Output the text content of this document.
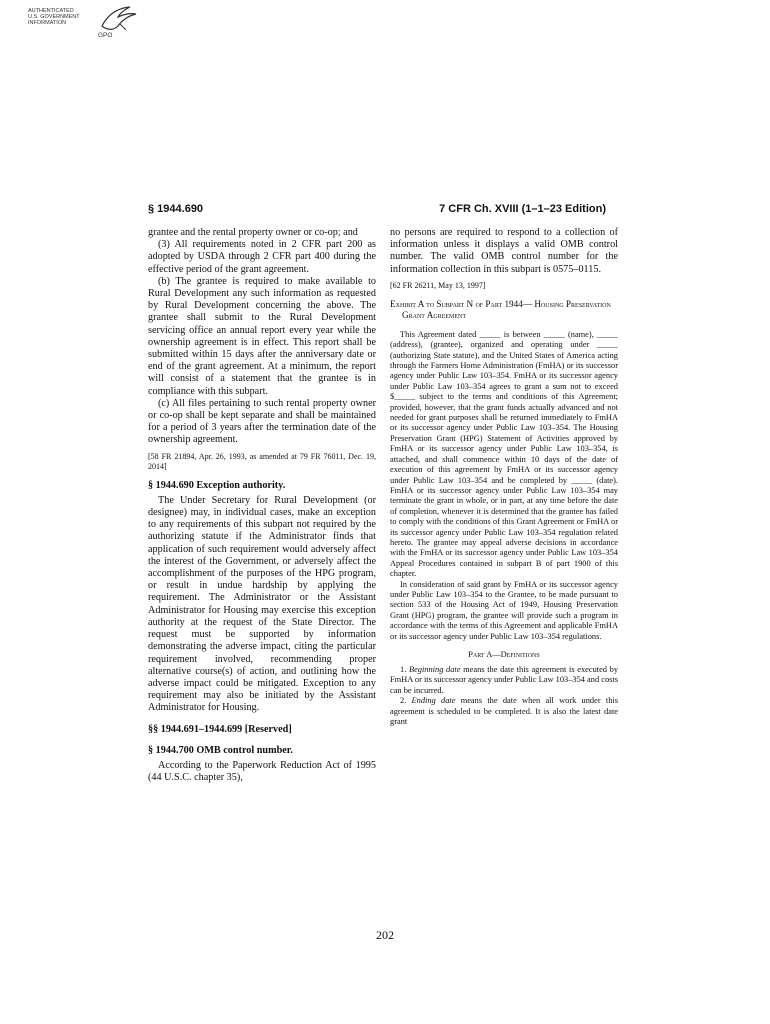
AUTHENTICATED
U.S. GOVERNMENT
INFORMATION
GPO
§ 1944.690	7 CFR Ch. XVIII (1–1–23 Edition)

grantee and the rental property owner or co-op; and

(3) All requirements noted in 2 CFR part 200 as adopted by USDA through 2 CFR part 400 during the effective period of the grant agreement.

(b) The grantee is required to make available to Rural Development any such information as requested by Rural Development concerning the above. The grantee shall submit to the Rural Development servicing office an annual report every year while the ownership agreement is in effect. This report shall be submitted within 15 days after the anniversary date or end of the grant agreement. At a minimum, the report will consist of a statement that the grantee is in compliance with this subpart.

(c) All files pertaining to such rental property owner or co-op shall be kept separate and shall be maintained for a period of 3 years after the termination date of the ownership agreement.

[58 FR 21894, Apr. 26, 1993, as amended at 79 FR 76011, Dec. 19, 2014]

§ 1944.690 Exception authority.

The Under Secretary for Rural Development (or designee) may, in individual cases, make an exception to any requirements of this subpart not required by the authorizing statute if the Administrator finds that application of such requirement would adversely affect the interest of the Government, or adversely affect the accomplishment of the purposes of the HPG program, or result in undue hardship by applying the requirement. The Administrator or the Assistant Administrator for Housing may exercise this exception authority at the request of the State Director. The request must be supported by information demonstrating the adverse impact, citing the particular requirement involved, recommending proper alternative course(s) of action, and outlining how the adverse impact could be mitigated. Exception to any requirement may also be initiated by the Assistant Administrator for Housing.

§§ 1944.691–1944.699 [Reserved]
§ 1944.700 OMB control number.

According to the Paperwork Reduction Act of 1995 (44 U.S.C. chapter 35),

no persons are required to respond to a collection of information unless it displays a valid OMB control number. The valid OMB control number for the information collection in this subpart is 0575–0115.

[62 FR 26211, May 13, 1997]

Exhibit A to Subpart N of Part 1944— Housing Preservation Grant Agreement

This Agreement dated _____ is between _____ (name), _____ (address), (grantee), organized and operating under _____ (authorizing State statute), and the United States of America acting through the Farmers Home Administration (FmHA) or its successor agency under Public Law 103–354. FmHA or its successor agency under Public Law 103–354 agrees to grant a sum not to exceed $_____ subject to the terms and conditions of this Agreement; provided, however, that the grant funds actually advanced and not needed for grant purposes shall be returned immediately to FmHA or its successor agency under Public Law 103–354. The Housing Preservation Grant (HPG) Statement of Activities approved by FmHA or its successor agency under Public Law 103–354, is attached, and shall commence within 10 days of the date of execution of this agreement by FmHA or its successor agency under Public Law 103–354 and be completed by _____ (date). FmHA or its successor agency under Public Law 103–354 may terminate the grant in whole, or in part, at any time before the date of completion, whenever it is determined that the grantee has failed to comply with the conditions of this Grant Agreement or FmHA or its successor agency under Public Law 103–354 regulation related hereto. The grantee may appeal adverse decisions in accordance with the FmHA or its successor agency under Public Law 103–354 Appeal Procedures contained in subpart B of part 1900 of this chapter.

In consideration of said grant by FmHA or its successor agency under Public Law 103–354 to the Grantee, to be made pursuant to section 533 of the Housing Act of 1949, Housing Preservation Grant (HPG) program, the grantee will provide such a program in accordance with the terms of this Agreement and applicable FmHA or its successor agency under Public Law 103–354 regulations.

Part A—Definitions

1. Beginning date means the date this agreement is executed by FmHA or its successor agency under Public Law 103–354 and costs can be incurred.

2. Ending date means the date when all work under this agreement is scheduled to be completed. It is also the latest date grant

202
